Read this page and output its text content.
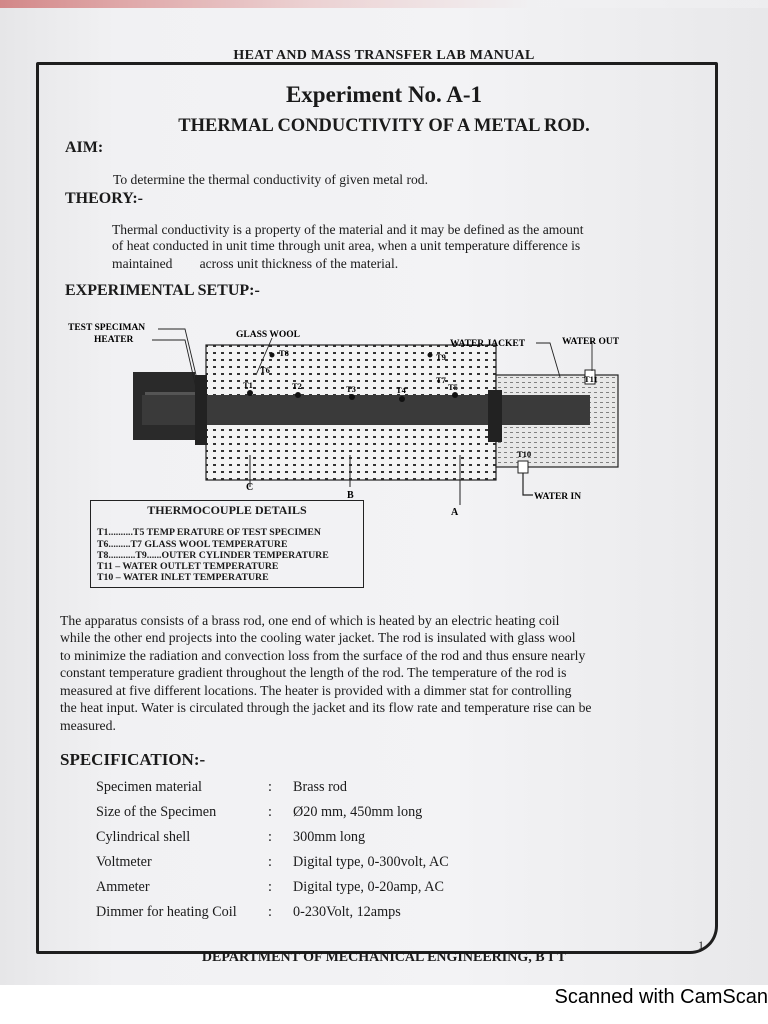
HEAT AND MASS TRANSFER LAB MANUAL
Experiment No. A-1
THERMAL CONDUCTIVITY OF A METAL ROD.
AIM:
To determine the thermal conductivity of given metal rod.
THEORY:-
Thermal conductivity is a property of the material and it may be defined as the amount
of heat conducted in unit time through unit area, when a unit temperature difference is
maintained        across unit thickness of the material.
EXPERIMENTAL SETUP:-
TEST SPECIMAN
HEATER	GLASS WOOL
WATER JACKET	WATER OUT
WATER IN
T1	T2	T3	T4	T5
T6
T7
T8	T9
T10
T11
C
B
A
THERMOCOUPLE DETAILS
T1..........T5 TEMP ERATURE OF TEST SPECIMEN
T6.........T7 GLASS WOOL TEMPERATURE
T8...........T9......OUTER CYLINDER TEMPERATURE
T11 – WATER OUTLET TEMPERATURE
T10 – WATER INLET TEMPERATURE
The apparatus consists of a brass rod, one end of which is heated by an electric heating coil
while the other end projects into the cooling water jacket. The rod is insulated with glass wool
to minimize the radiation and convection loss from the surface of the rod and thus ensure nearly
constant temperature gradient throughout the length of the rod. The temperature of the rod is
measured at five different locations. The heater is provided with a dimmer stat for controlling
the heat input. Water is circulated through the jacket and its flow rate and temperature rise can be
measured.
SPECIFICATION:-
Specimen material	: Brass rod
Size of the Specimen	: Ø20 mm, 450mm long
Cylindrical shell	: 300mm long
Voltmeter	: Digital type, 0-300volt, AC
Ammeter	: Digital type, 0-20amp, AC
Dimmer for heating Coil	: 0-230Volt, 12amps
1
DEPARTMENT OF MECHANICAL ENGINEERING, B I T
Scanned with CamScan
